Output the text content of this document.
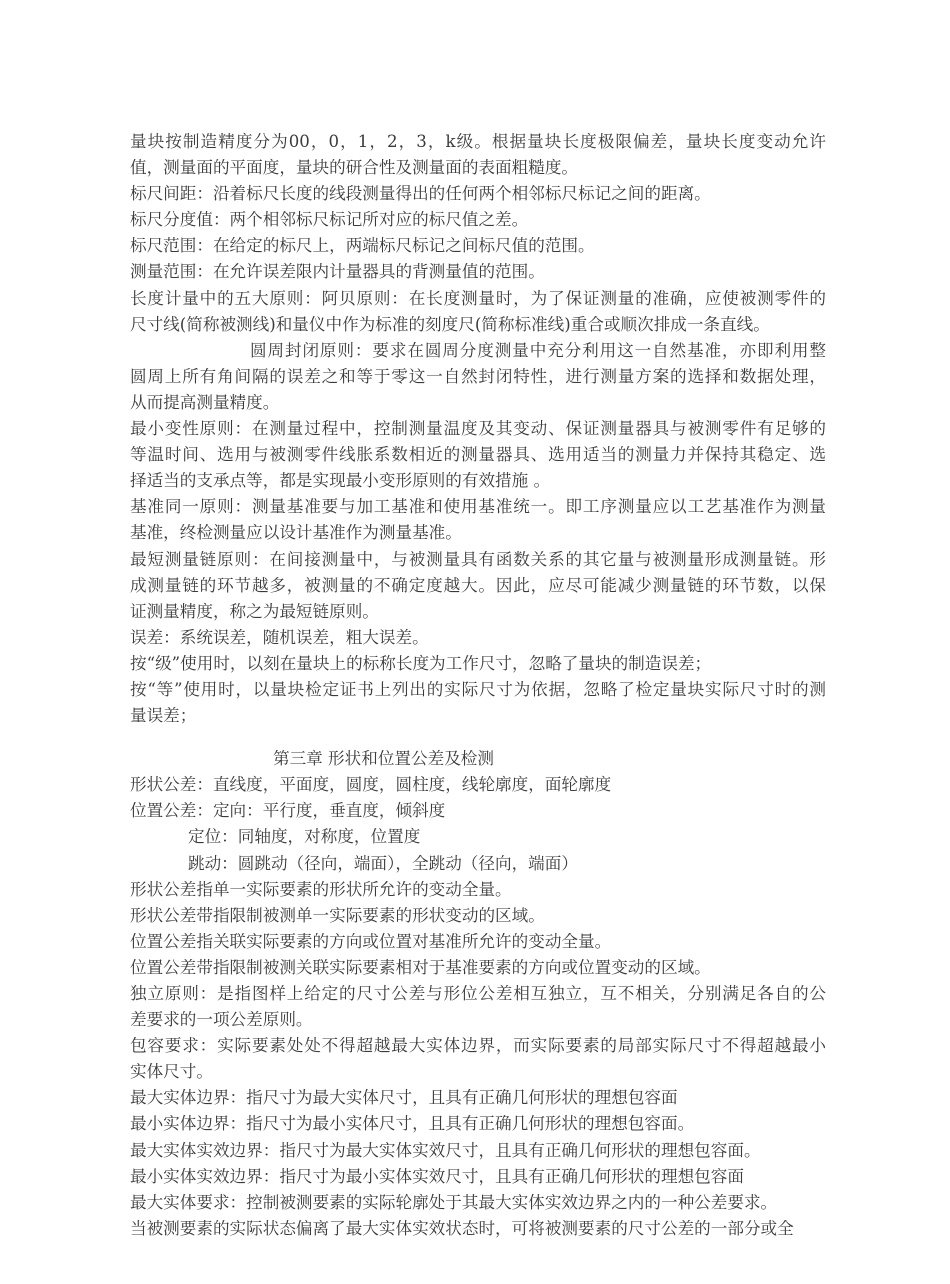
量块按制造精度分为00，0，1，2，3，k级。根据量块长度极限偏差，量块长度变动允许
值，测量面的平面度，量块的研合性及测量面的表面粗糙度。
标尺间距：沿着标尺长度的线段测量得出的任何两个相邻标尺标记之间的距离。
标尺分度值：两个相邻标尺标记所对应的标尺值之差。
标尺范围：在给定的标尺上，两端标尺标记之间标尺值的范围。
测量范围：在允许误差限内计量器具的背测量值的范围。
长度计量中的五大原则：阿贝原则：在长度测量时，为了保证测量的准确，应使被测零件的
尺寸线(简称被测线)和量仪中作为标准的刻度尺(简称标准线)重合或顺次排成一条直线。
圆周封闭原则：要求在圆周分度测量中充分利用这一自然基准，亦即利用整
圆周上所有角间隔的误差之和等于零这一自然封闭特性，进行测量方案的选择和数据处理，
从而提高测量精度。
最小变性原则：在测量过程中，控制测量温度及其变动、保证测量器具与被测零件有足够的
等温时间、选用与被测零件线胀系数相近的测量器具、选用适当的测量力并保持其稳定、选
择适当的支承点等，都是实现最小变形原则的有效措施 。
基准同一原则：测量基准要与加工基准和使用基准统一。即工序测量应以工艺基准作为测量
基准，终检测量应以设计基准作为测量基准。
最短测量链原则：在间接测量中，与被测量具有函数关系的其它量与被测量形成测量链。形
成测量链的环节越多，被测量的不确定度越大。因此，应尽可能减少测量链的环节数，以保
证测量精度，称之为最短链原则。
误差：系统误差，随机误差，粗大误差。
按“级”使用时，以刻在量块上的标称长度为工作尺寸，忽略了量块的制造误差；
按“等”使用时，以量块检定证书上列出的实际尺寸为依据，忽略了检定量块实际尺寸时的测
量误差；
第三章 形状和位置公差及检测
形状公差：直线度，平面度，圆度，圆柱度，线轮廓度，面轮廓度
位置公差：定向：平行度，垂直度，倾斜度
定位：同轴度，对称度，位置度
跳动：圆跳动（径向，端面），全跳动（径向，端面）
形状公差指单一实际要素的形状所允许的变动全量。
形状公差带指限制被测单一实际要素的形状变动的区域。
位置公差指关联实际要素的方向或位置对基准所允许的变动全量。
位置公差带指限制被测关联实际要素相对于基准要素的方向或位置变动的区域。
独立原则：是指图样上给定的尺寸公差与形位公差相互独立，互不相关，分别满足各自的公
差要求的一项公差原则。
包容要求：实际要素处处不得超越最大实体边界，而实际要素的局部实际尺寸不得超越最小
实体尺寸。
最大实体边界：指尺寸为最大实体尺寸，且具有正确几何形状的理想包容面
最小实体边界：指尺寸为最小实体尺寸，且具有正确几何形状的理想包容面。
最大实体实效边界：指尺寸为最大实体实效尺寸，且具有正确几何形状的理想包容面。
最小实体实效边界：指尺寸为最小实体实效尺寸，且具有正确几何形状的理想包容面
最大实体要求：控制被测要素的实际轮廓处于其最大实体实效边界之内的一种公差要求。
当被测要素的实际状态偏离了最大实体实效状态时，可将被测要素的尺寸公差的一部分或全
